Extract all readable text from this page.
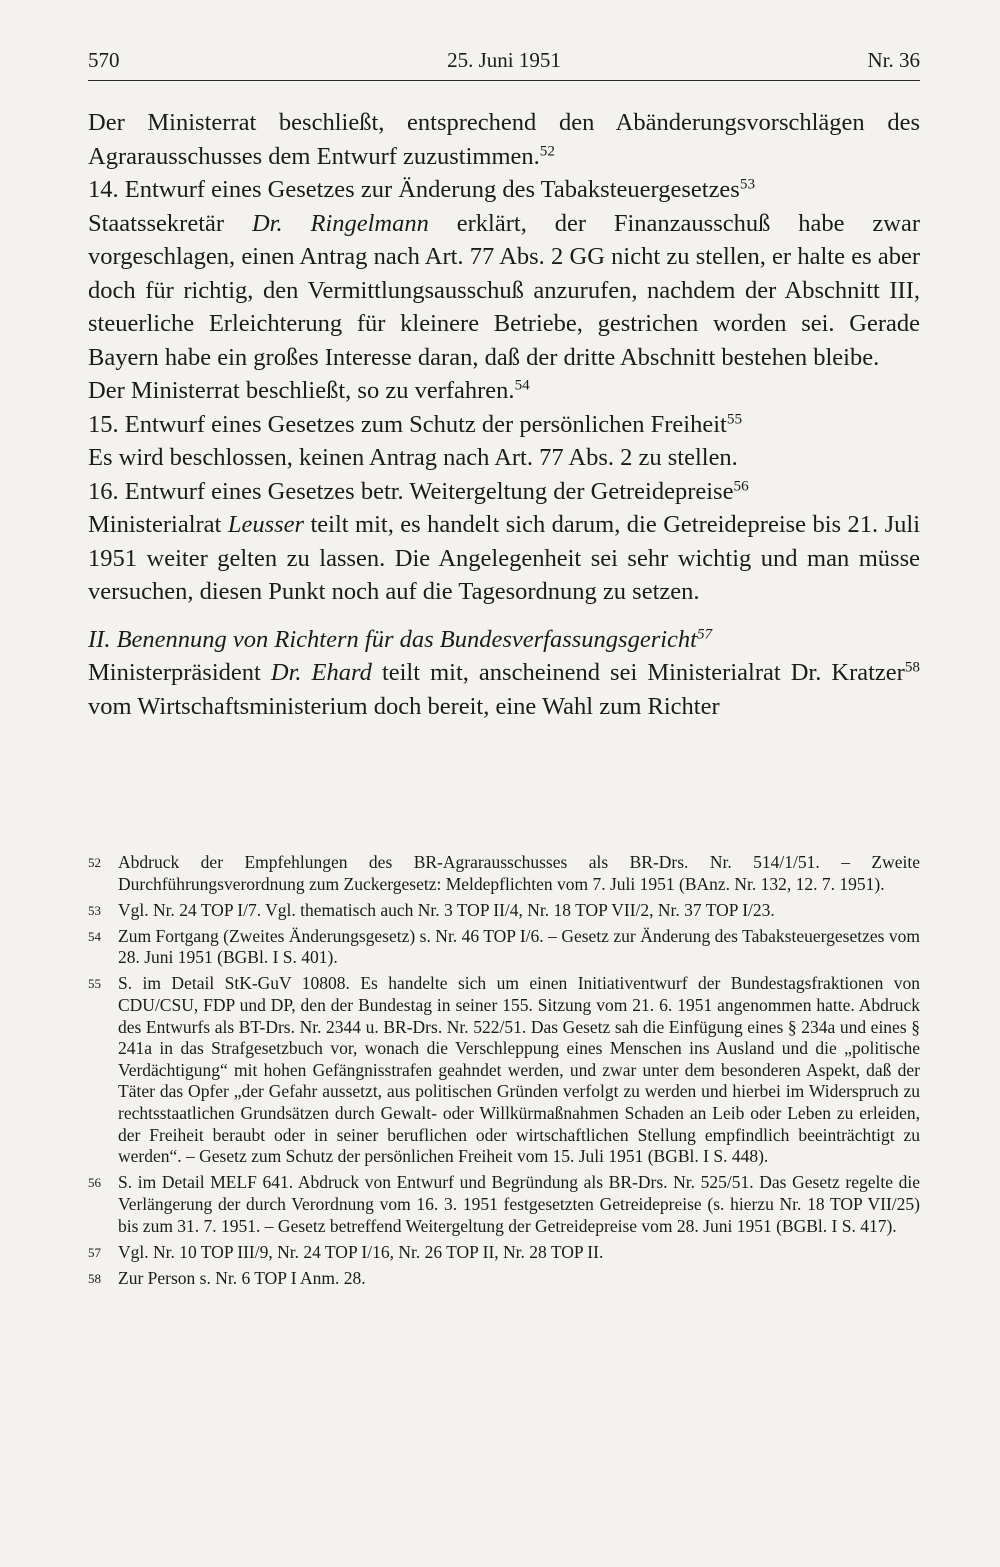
570	25. Juni 1951	Nr. 36

Der Ministerrat beschließt, entsprechend den Abänderungsvorschlägen des Agrarausschusses dem Entwurf zuzustimmen.$^{52}$

14. Entwurf eines Gesetzes zur Änderung des Tabaksteuergesetzes$^{53}$

Staatssekretär Dr. Ringelmann erklärt, der Finanzausschuß habe zwar vorgeschlagen, einen Antrag nach Art. 77 Abs. 2 GG nicht zu stellen, er halte es aber doch für richtig, den Vermittlungsausschuß anzurufen, nachdem der Abschnitt III, steuerliche Erleichterung für kleinere Betriebe, gestrichen worden sei. Gerade Bayern habe ein großes Interesse daran, daß der dritte Abschnitt bestehen bleibe.

Der Ministerrat beschließt, so zu verfahren.$^{54}$

15. Entwurf eines Gesetzes zum Schutz der persönlichen Freiheit$^{55}$

Es wird beschlossen, keinen Antrag nach Art. 77 Abs. 2 zu stellen.

16. Entwurf eines Gesetzes betr. Weitergeltung der Getreidepreise$^{56}$

Ministerialrat Leusser teilt mit, es handelt sich darum, die Getreidepreise bis 21. Juli 1951 weiter gelten zu lassen. Die Angelegenheit sei sehr wichtig und man müsse versuchen, diesen Punkt noch auf die Tagesordnung zu setzen.

II. Benennung von Richtern für das Bundesverfassungsgericht$^{57}$

Ministerpräsident Dr. Ehard teilt mit, anscheinend sei Ministerialrat Dr. Kratzer$^{58}$ vom Wirtschaftsministerium doch bereit, eine Wahl zum Richter

52 Abdruck der Empfehlungen des BR-Agrarausschusses als BR-Drs. Nr. 514/1/51. – Zweite Durchführungsverordnung zum Zuckergesetz: Meldepflichten vom 7. Juli 1951 (BAnz. Nr. 132, 12. 7. 1951).
53 Vgl. Nr. 24 TOP I/7. Vgl. thematisch auch Nr. 3 TOP II/4, Nr. 18 TOP VII/2, Nr. 37 TOP I/23.
54 Zum Fortgang (Zweites Änderungsgesetz) s. Nr. 46 TOP I/6. – Gesetz zur Änderung des Tabaksteuergesetzes vom 28. Juni 1951 (BGBl. I S. 401).
55 S. im Detail StK-GuV 10808. Es handelte sich um einen Initiativentwurf der Bundestagsfraktionen von CDU/CSU, FDP und DP, den der Bundestag in seiner 155. Sitzung vom 21. 6. 1951 angenommen hatte. Abdruck des Entwurfs als BT-Drs. Nr. 2344 u. BR-Drs. Nr. 522/51. Das Gesetz sah die Einfügung eines § 234a und eines § 241a in das Strafgesetzbuch vor, wonach die Verschleppung eines Menschen ins Ausland und die „politische Verdächtigung“ mit hohen Gefängnisstrafen geahndet werden, und zwar unter dem besonderen Aspekt, daß der Täter das Opfer „der Gefahr aussetzt, aus politischen Gründen verfolgt zu werden und hierbei im Widerspruch zu rechtsstaatlichen Grundsätzen durch Gewalt- oder Willkürmaßnahmen Schaden an Leib oder Leben zu erleiden, der Freiheit beraubt oder in seiner beruflichen oder wirtschaftlichen Stellung empfindlich beeinträchtigt zu werden“. – Gesetz zum Schutz der persönlichen Freiheit vom 15. Juli 1951 (BGBl. I S. 448).
56 S. im Detail MELF 641. Abdruck von Entwurf und Begründung als BR-Drs. Nr. 525/51. Das Gesetz regelte die Verlängerung der durch Verordnung vom 16. 3. 1951 festgesetzten Getreidepreise (s. hierzu Nr. 18 TOP VII/25) bis zum 31. 7. 1951. – Gesetz betreffend Weitergeltung der Getreidepreise vom 28. Juni 1951 (BGBl. I S. 417).
57 Vgl. Nr. 10 TOP III/9, Nr. 24 TOP I/16, Nr. 26 TOP II, Nr. 28 TOP II.
58 Zur Person s. Nr. 6 TOP I Anm. 28.
